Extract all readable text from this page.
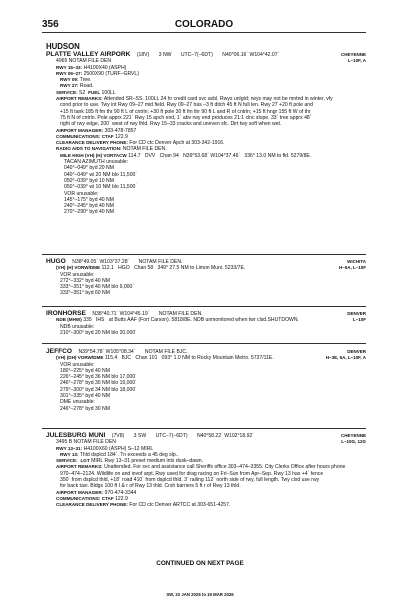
356	COLORADO
HUDSON
PLATTE VALLEY AIRPORK (18V) 3 NW UTC–7(–6DT) N40°06.16´ W104°42.07´	CHEYENNE
L–10F, A
4965 NOTAM FILE DEN
RWY 15–33: H4100X40 (ASPH)
RWY 09–27: 2500X90 (TURF–GRVL)
RWY 09: Tree.
RWY 27: Road.
SERVICE: S2 FUEL 100LL
AIRPORT REMARKS: Attended SR–SS. 100LL 24 hr credit card svc avbl. Rwys unlgtd; rwys may not be mntnd in winter, vfy
cond prior to use. Twy int Rwy 09–27 mid field. Rwy 09–27 has –3 ft ditch 45 ft N full len. Rwy 27 +20 ft pole and
+15 ft tank 185 ft fm thr 90 ft L of cntrln; +30 ft pole 30 ft fm thr 90 ft L and R of cntrln; +15 ft hngr 155 ft W of thr
75 ft N of cntrln. Pole apprx 221´ Rwy 15 apch end, 1´ abv rwy end produces 21:1 clnc slope. 33´ tree apprx 48´
right of rwy edge, 200´ west of rwy thld. Rwy 15–33 cracks and uneven sfc. Dirt twy soft when wet.
AIRPORT MANAGER: 303-478-7857
COMMUNICATIONS: CTAF 122.9
CLEARANCE DELIVERY PHONE: For CD ctc Denver Apch at 303-342-1916.
RADIO AIDS TO NAVIGATION: NOTAM FILE DEN.
MILE HIGH (VH) (H) VORTACW 114.7 DVV Chan 94 N39°53.68´ W104°37.46´ 336° 13.0 NM to fld. 5279/8E.
TACAN AZIMUTH unusable:
040°–049° byd 20 NM
040°–049° wi 20 NM blo 11,500´
050°–039° byd 10 NM
050°–039° wi 10 NM blo 11,500´
VOR unusable:
145°–175° byd 40 NM
240°–245° byd 40 NM
270°–290° byd 40 NM
HUGO N38°49.05´ W103°37.28´ NOTAM FILE DEN.	WICHITA
H–5A, L–10F
(VH) (H) VORW/DME 112.1 HGO Chan 58 349° 27.5 NM to Limon Muni. 5233/7E.
VOR unusable:
272°–332° byd 40 NM
333°–351° byd 40 NM blo 9,000´
333°–351° byd 60 NM
IRONHORSE N38°40.71´ W104°45.19´ NOTAM FILE DEN.	DENVER
L–10F
NDB (MHW) 335 IHS at Butts AAF (Fort Carson). 5818/8E. NDB unmonitored when twr clsd.SHUTDOWN.
NDB unusable:
210°–300° byd 20 NM blo 20,000´
JEFFCO N39°54.78´ W105°08.34´ NOTAM FILE BJC.	DENVER
H–3E, 5A, L–10F, A
(VH) (DH) VORW/DME 115.4 BJC Chan 101 093° 1.0 NM to Rocky Mountain Metro. 5737/11E.
VOR unusable:
180°–225° byd 40 NM
226°–245° byd 36 NM blo 17,000´
246°–278° byd 30 NM blo 19,000´
279°–300° byd 34 NM blo 18,000´
301°–335° byd 40 NM
DME unusable:
246°–278° byd 30 NM
JULESBURG MUNI (7V8) 3 SW UTC–7(–6DT) N40°58.22´ W102°18.92´	CHEYENNE
L–10G, 12G
3495 B NOTAM FILE DEN
RWY 13–31: H4100X60 (ASPH) S–12 MIRL
RWY 13: Thld dsplcd 184´. Tn exceeds a 45 deg slp..
SERVICE: LGT MIRL Rwy 13–31 preset medium ints dusk–dawn.
AIRPORT REMARKS: Unattended. For svc and assistance call Sheriffs office 303–474–3355. City Clerks Office after hours phone
970–474–2124. Wildlife on and invof arpt. Rwy used for drag racing on Fri–Sun from Apr–Sep. Rwy 13 has +4´ fence
350´ from dsplcd thld, +18´ road 410´ from dsplcd thld. 3´ railing 112´ north side of rwy, full length. Twy clsd use rwy
for back taxi. Bldgs 100 ft I & r of Rwy 13 thld. Crsh barriers 5 ft r of Rwy 13 thld.
AIRPORT MANAGER: 970-474-3344
COMMUNICATIONS: CTAF 122.9
CLEARANCE DELIVERY PHONE: For CD ctc Denver ARTCC at 303-651-4257.
CONTINUED ON NEXT PAGE
SW, 22 JAN 2026 to 19 MAR 2026
